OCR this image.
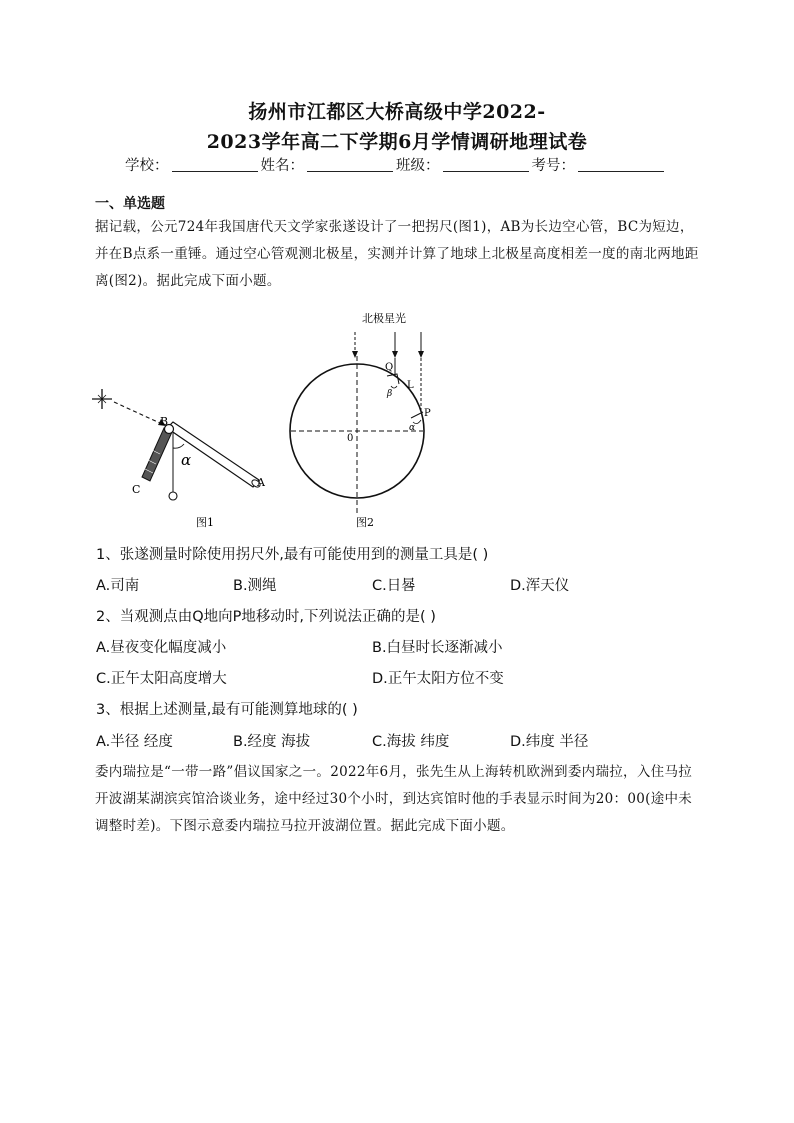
扬州市江都区大桥高级中学2022-
2023学年高二下学期6月学情调研地理试卷
学校：	姓名：	班级：	考号：
一、单选题
据记载，公元724年我国唐代天文学家张遂设计了一把拐尺(图1)，AB为长边空心管，BC为短边，并在B点系一重锤。通过空心管观测北极星，实测并计算了地球上北极星高度相差一度的南北两地距离(图2)。据此完成下面小题。
α
B
C
A
图1
北极星光
Q
L
P
β
α
0
图2
1、张遂测量时除使用拐尺外,最有可能使用到的测量工具是( )
A.司南	B.测绳	C.日晷	D.浑天仪
2、当观测点由Q地向P地移动时,下列说法正确的是( )
A.昼夜变化幅度减小	B.白昼时长逐渐减小
C.正午太阳高度增大	D.正午太阳方位不变
3、根据上述测量,最有可能测算地球的( )
A.半径 经度	B.经度 海拔	C.海拔 纬度	D.纬度 半径
委内瑞拉是“一带一路”倡议国家之一。2022年6月，张先生从上海转机欧洲到委内瑞拉，入住马拉开波湖某湖滨宾馆洽谈业务，途中经过30个小时，到达宾馆时他的手表显示时间为20：00(途中未调整时差)。下图示意委内瑞拉马拉开波湖位置。据此完成下面小题。
